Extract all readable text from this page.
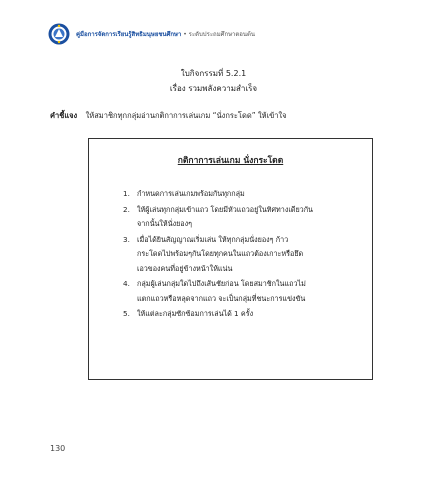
คู่มือการจัดการเรียนรู้สิทธิมนุษยชนศึกษา • ระดับประถมศึกษาตอนต้น
ใบกิจกรรมที่ 5.2.1
เรื่อง รวมพลังความสำเร็จ
คำชี้แจง ให้สมาชิกทุกกลุ่มอ่านกติกาการเล่นเกม “นั่งกระโดด” ให้เข้าใจ
กติกาการเล่นเกม นั่งกระโดด
1. กำหนดการเล่นเกมพร้อมกันทุกกลุ่ม
2. ให้ผู้เล่นทุกกลุ่มเข้าแถว โดยมีหัวแถวอยู่ในทิศทางเดียวกัน
จากนั้นให้นั่งยองๆ
3. เมื่อได้ยินสัญญาณเริ่มเล่น ให้ทุกกลุ่มนั่งยองๆ ก้าว
กระโดดไปพร้อมๆกันโดยทุกคนในแถวต้องเกาะหรือยึด
เอวของคนที่อยู่ข้างหน้าให้แน่น
4. กลุ่มผู้เล่นกลุ่มใดไปถึงเส้นชัยก่อน โดยสมาชิกในแถวไม่
แตกแถวหรือหลุดจากแถว จะเป็นกลุ่มที่ชนะการแข่งขัน
5. ให้แต่ละกลุ่มซักซ้อมการเล่นได้ 1 ครั้ง
130
